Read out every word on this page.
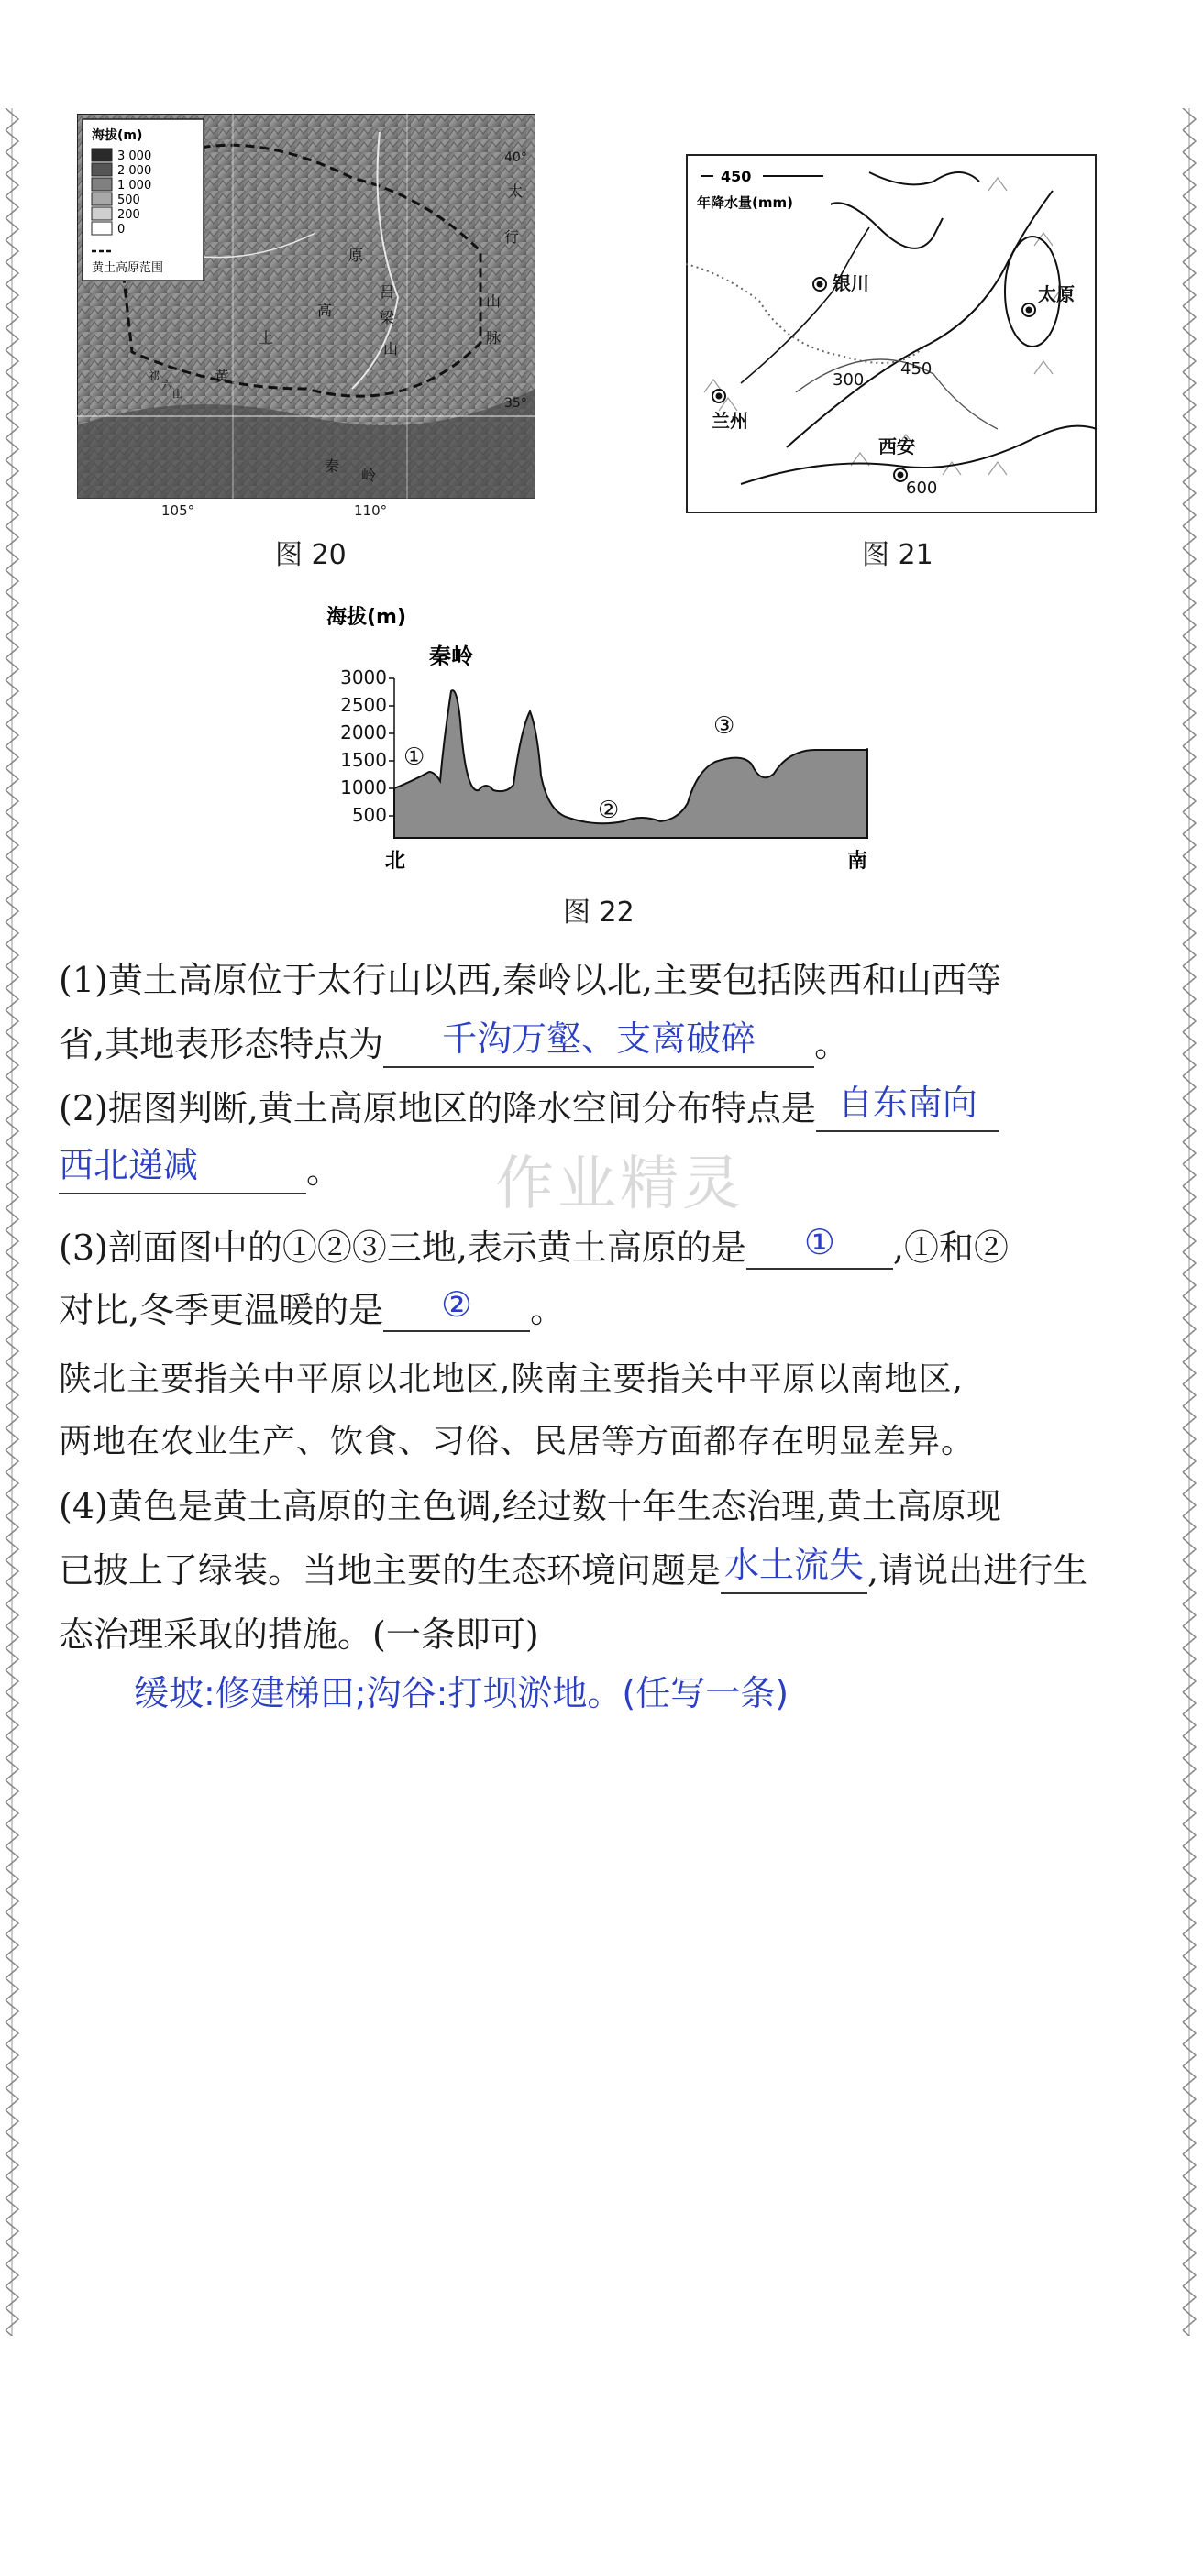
海拔(m)
3 000
2 000
1 000
500
200
0
黄土高原范围
40°
35°
太
行
山
脉
原
高
土
黄
吕
梁
山
秦
岭
祁
六
山
105°	110°
图 20
450
年降水量(mm)
银川	太原
兰州
西安
300
450
600
图 21
海拔(m)
秦岭
3000
2500
2000
1500
1000
500
①
②
③
北	南
图 22
作业精灵
(1)黄土高原位于太行山以西,秦岭以北,主要包括陕西和山西等
省,其地表形态特点为 千沟万壑、支离破碎 。
(2)据图判断,黄土高原地区的降水空间分布特点是 自东南向
西北递减	。
(3)剖面图中的①②③三地,表示黄土高原的是 ① ,①和②
对比,冬季更温暖的是 ② 。
陕北主要指关中平原以北地区,陕南主要指关中平原以南地区,
两地在农业生产、饮食、习俗、民居等方面都存在明显差异。
(4)黄色是黄土高原的主色调,经过数十年生态治理,黄土高原现
已披上了绿装。当地主要的生态环境问题是 水土流失 ,请说出进行生
态治理采取的措施。(一条即可)
缓坡:修建梯田;沟谷:打坝淤地。(任写一条)
